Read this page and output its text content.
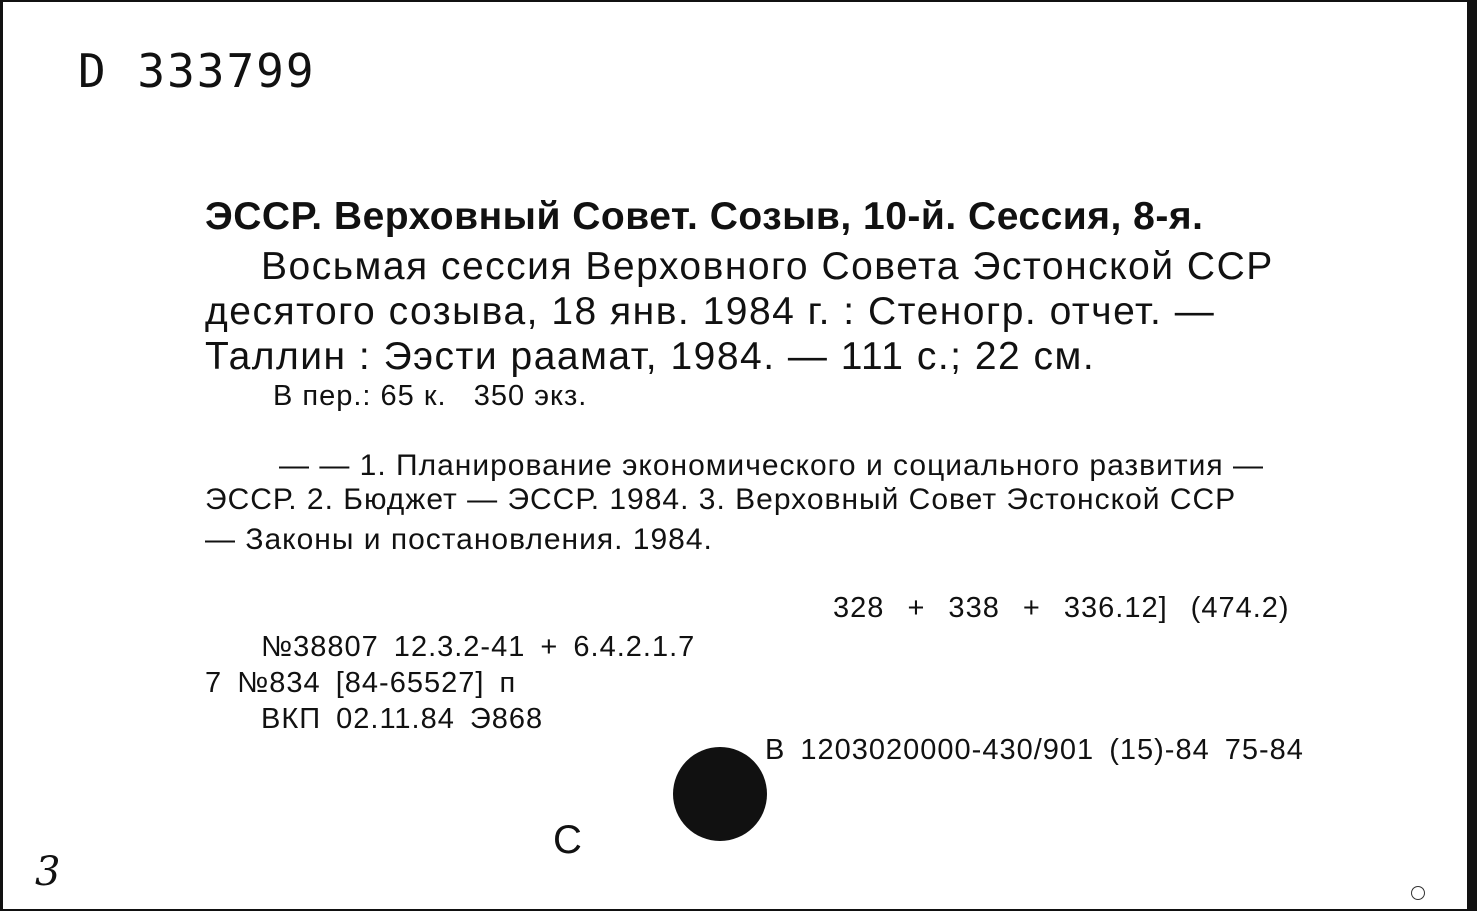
D 333799

ЭССР. Верховный Совет. Созыв, 10-й. Сессия, 8-я.

Восьмая сессия Верховного Совета Эстонской ССР

десятого созыва, 18 янв. 1984 г. : Стеногр. отчет. —

Таллин : Ээсти раамат, 1984. — 111 с.; 22 см.

В пер.: 65 к.   350 экз.

— — 1. Планирование экономического и социального развития —

ЭССР. 2. Бюджет — ЭССР. 1984. 3. Верховный Совет Эстонской ССР

— Законы и постановления. 1984.

328 + 338 + 336.12] (474.2)

№38807 12.3.2-41 + 6.4.2.1.7

7 №834 [84-65527] п

ВКП 02.11.84 Э868

В 1203020000-430/901 (15)-84 75-84

С

3
